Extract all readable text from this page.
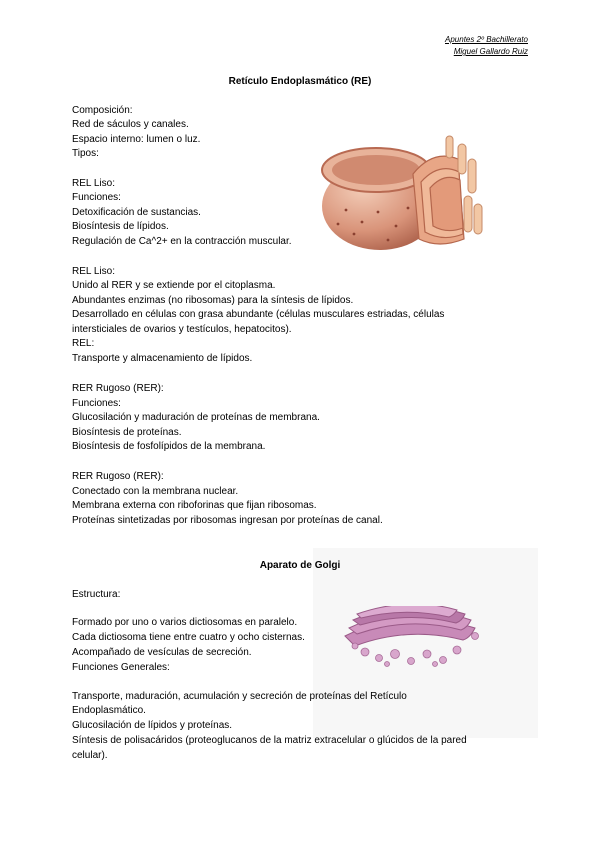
Apuntes 2º Bachillerato
Miguel Gallardo Ruiz
Retículo Endoplasmático (RE)
Composición:
Red de sáculos y canales.
Espacio interno: lumen o luz.
Tipos:
REL Liso:
Funciones:
Detoxificación de sustancias.
Biosíntesis de lípidos.
Regulación de Ca^2+ en la contracción muscular.
REL Liso:
Unido al RER y se extiende por el citoplasma.
Abundantes enzimas (no ribosomas) para la síntesis de lípidos.
Desarrollado en células con grasa abundante (células musculares estriadas, células
intersticiales de ovarios y testículos, hepatocitos).
REL:
Transporte y almacenamiento de lípidos.
RER Rugoso (RER):
Funciones:
Glucosilación y maduración de proteínas de membrana.
Biosíntesis de proteínas.
Biosíntesis de fosfolípidos de la membrana.
RER Rugoso (RER):
Conectado con la membrana nuclear.
Membrana externa con riboforinas que fijan ribosomas.
Proteínas sintetizadas por ribosomas ingresan por proteínas de canal.
Aparato de Golgi
Estructura:
Formado por uno o varios dictiosomas en paralelo.
Cada dictiosoma tiene entre cuatro y ocho cisternas.
Acompañado de vesículas de secreción.
Funciones Generales:
Transporte, maduración, acumulación y secreción de proteínas del Retículo
Endoplasmático.
Glucosilación de lípidos y proteínas.
Síntesis de polisacáridos (proteoglucanos de la matriz extracelular o glúcidos de la pared
celular).
